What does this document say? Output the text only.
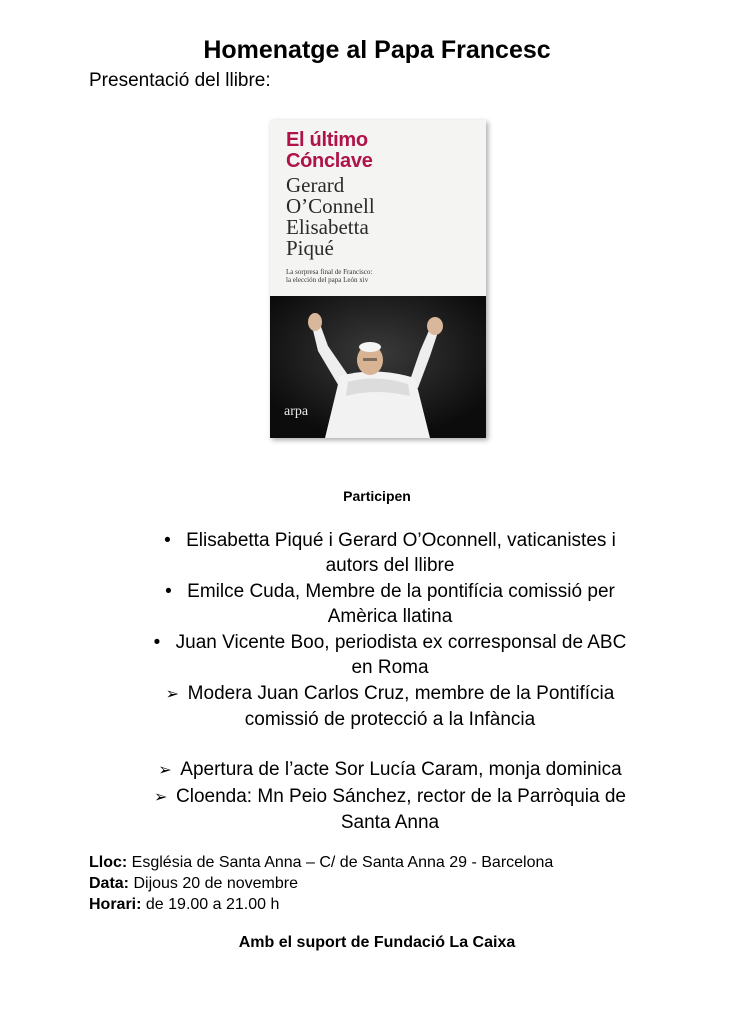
Homenatge al Papa Francesc
Presentació del llibre:
El último
Cónclave
Gerard
O’Connell
Elisabetta
Piqué
La sorpresa final de Francisco:
la elección del papa León xiv
arpa
Participen
• Elisabetta Piqué i Gerard O’Oconnell, vaticanistes i
autors del llibre
• Emilce Cuda, Membre de la pontifícia comissió per
Amèrica llatina
• Juan Vicente Boo, periodista ex corresponsal de ABC
en Roma
➢ Modera Juan Carlos Cruz, membre de la Pontifícia
comissió de protecció a la Infància
➢ Apertura de l’acte Sor Lucía Caram, monja dominica
➢ Cloenda: Mn Peio Sánchez, rector de la Parròquia de
Santa Anna
Lloc: Església de Santa Anna – C/ de Santa Anna 29 - Barcelona
Data: Dijous 20 de novembre
Horari: de 19.00 a 21.00 h
Amb el suport de Fundació La Caixa
